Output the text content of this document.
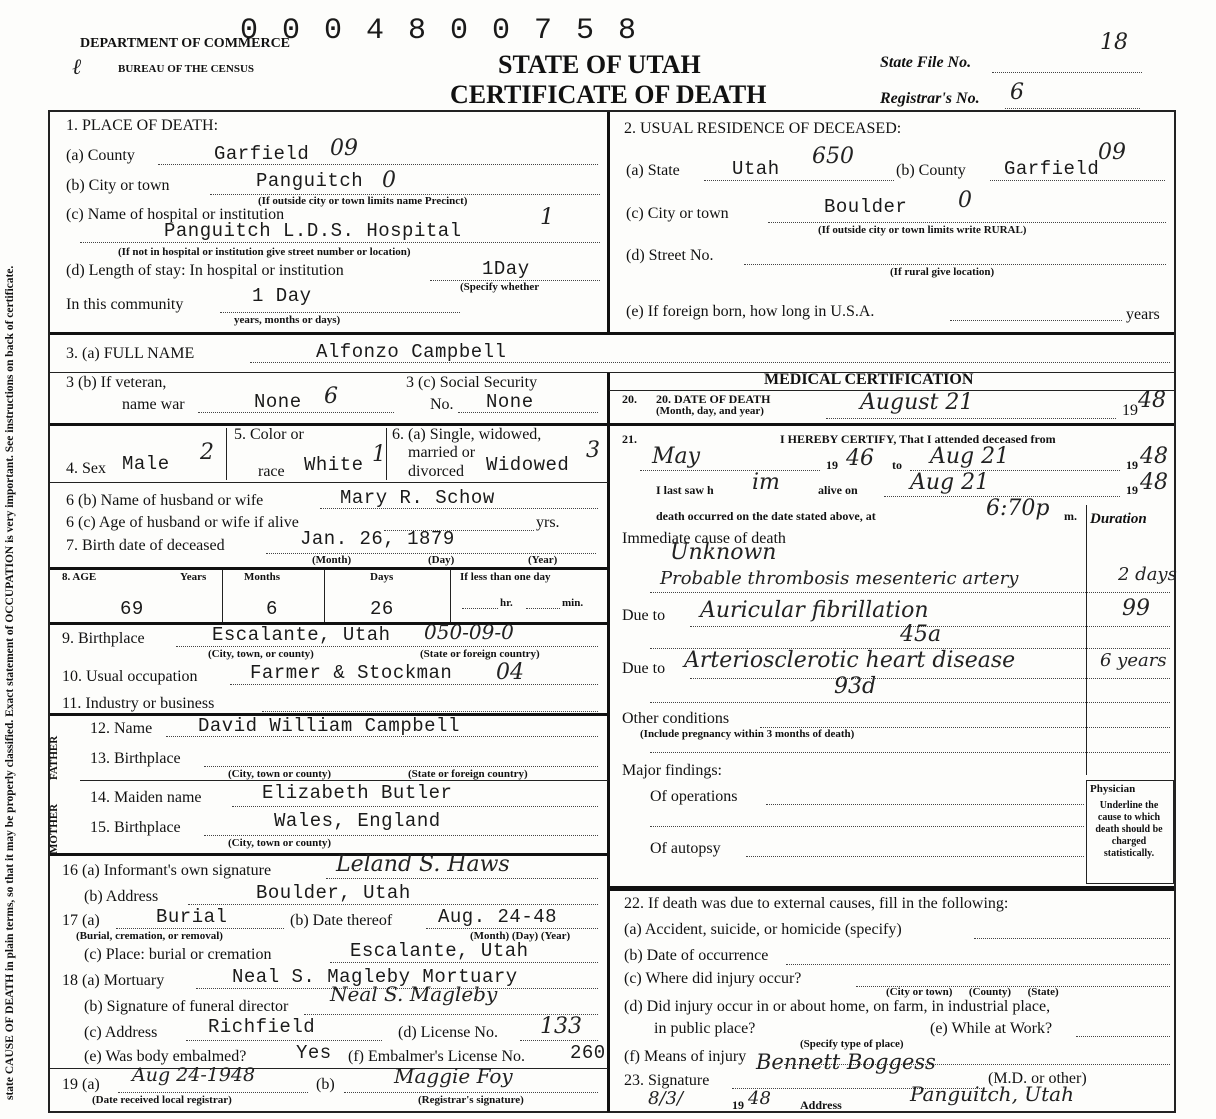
state CAUSE OF DEATH in plain terms, so that it may be properly classified. Exact statement of OCCUPATION is very important. See instructions on back of certificate.
0 0 0 4 8 0 0 7 5 8
DEPARTMENT OF COMMERCE
ℓ	BUREAU OF THE CENSUS	STATE OF UTAH
CERTIFICATE OF DEATH
State File No.
18
Registrar's No. 6
1. PLACE OF DEATH:
(a) County	Garfield 09
(b) City or town	Panguitch 0
(If outside city or town limits name Precinct)
(c) Name of hospital or institution
Panguitch L.D.S. Hospital
1
(If not in hospital or institution give street number or location)
(d) Length of stay: In hospital or institution	1Day
(Specify whether
In this community	1 Day
years, months or days)
2. USUAL RESIDENCE OF DECEASED:
(a) State	Utah 650
(b) County Garfield
09
(c) City or town	Boulder 0
(If outside city or town limits write RURAL)
(d) Street No.
(If rural give location)
(e) If foreign born, how long in U.S.A.	years
3. (a) FULL NAME	Alfonzo Campbell
MEDICAL CERTIFICATION
3 (b) If veteran,
name war	None 6
3 (c) Social Security
No. None	20. 20. DATE OF DEATH
(Month, day, and year)	August 21	19 48
4. Sex Male 2
5. Color or
race White 1
6. (a) Single, widowed,
married or
divorced Widowed
3 21.	I HEREBY CERTIFY, That I attended deceased from
May	19 46 to Aug 21	19 48
I last saw h im	alive on Aug 21	19 48
death occurred on the date stated above, at	6:70p m. Duration
6 (b) Name of husband or wife	Mary R. Schow
6 (c) Age of husband or wife if alive	yrs.
7. Birth date of deceased	Jan. 26, 1879
(Month)	(Day)	(Year)
8. AGE	Years	Months	Days	If less than one day
69	6	26	hr.	min.
Immediate cause of death
Unknown
Probable thrombosis mesenteric artery	2 days
Due to Auricular fibrillation	99
45a
Due to Arteriosclerotic heart disease	6 years
93d
Other conditions
(Include pregnancy within 3 months of death)
Major findings:
Of operations
Of autopsy
Physician
Underline the cause to which death should be charged statistically.
9. Birthplace	Escalante, Utah 050-09-0
(City, town, or county)	(State or foreign country)
10. Usual occupation	Farmer & Stockman 04
11. Industry or business
FATHER
MOTHER
12. Name David William Campbell
13. Birthplace
(City, town or county)	(State or foreign country)
14. Maiden name	Elizabeth Butler
15. Birthplace	Wales, England
(City, town or county)
16 (a) Informant's own signature	Leland S. Haws
(b) Address	Boulder, Utah
17 (a)	Burial
(Burial, cremation, or removal)
(b) Date thereof Aug. 24-48
(Month) (Day) (Year)
(c) Place: burial or cremation	Escalante, Utah
18 (a) Mortuary	Neal S. Magleby Mortuary
(b) Signature of funeral director
Neal S. Magleby
(c) Address	Richfield	(d) License No. 133
(e) Was body embalmed?	Yes (f) Embalmer's License No. 260
19 (a) Aug 24-1948
(Date received local registrar)
(b)	Maggie Foy
(Registrar's signature)
22. If death was due to external causes, fill in the following:
(a) Accident, suicide, or homicide (specify)
(b) Date of occurrence
(c) Where did injury occur?
(City or town)      (County)      (State)
(d) Did injury occur in or about home, on farm, in industrial place,
in public place?
(Specify type of place)
(e) While at Work?
(f) Means of injury
23. Signature
Bennett Boggess
(M.D. or other)
8/3/	19 48 Address	Panguitch, Utah
